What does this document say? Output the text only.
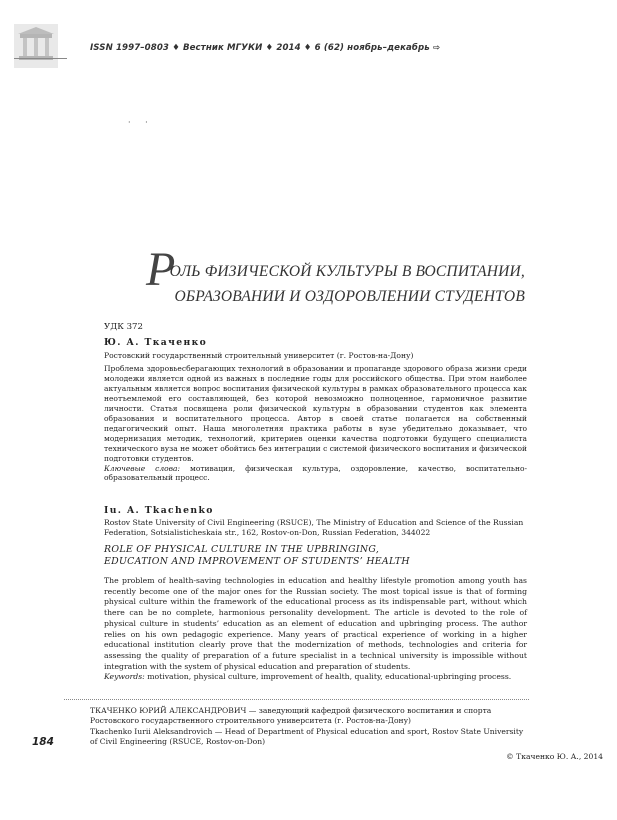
ISSN 1997–0803 ♦ Вестник МГУКИ ♦ 2014 ♦ 6 (62) ноябрь–декабрь ⇨
· ·
Р
ОЛЬ ФИЗИЧЕСКОЙ КУЛЬТУРЫ В ВОСПИТАНИИ,
ОБРАЗОВАНИИ И ОЗДОРОВЛЕНИИ СТУДЕНТОВ

УДК 372

Ю. А. Ткаченко

Ростовский государственный строительный университет (г. Ростов-на-Дону)

Проблема здоровьесберагающих технологий в образовании и пропаганде здорового образа жизни среди молодежи является одной из важных в последние годы для российского общества. При этом наиболее актуальным является вопрос воспитания физической культуры в рамках образовательного процесса как неотъемлемой его составляющей, без которой невозможно полноценное, гармоничное развитие личности. Статья посвящена роли физической культуры в образовании студентов как элемента образования и воспитательного процесса. Автор в своей статье полагается на собственный педагогический опыт. Наша многолетняя практика работы в вузе убедительно доказывает, что модернизация методик, технологий, критериев оценки качества подготовки будущего специалиста технического вуза не может обойтись без интеграции с системой физического воспитания и физической подготовки студентов.

Ключевые слова: мотивация, физическая культура, оздоровление, качество, воспитательно-образовательный процесс.

Iu. A. Tkachenko

Rostov State University of Civil Engineering (RSUCE), The Ministry of Education and Science of the Russian Federation, Sotsialisticheskaia str., 162, Rostov-on-Don, Russian Federation, 344022

ROLE OF PHYSICAL CULTURE IN THE UPBRINGING,
EDUCATION AND IMPROVEMENT OF STUDENTS’ HEALTH

The problem of health-saving technologies in education and healthy lifestyle promotion among youth has recently become one of the major ones for the Russian society. The most topical issue is that of forming physical culture within the framework of the educational process as its indispensable part, without which there can be no complete, harmonious personality development. The article is devoted to the role of physical culture in students’ education as an element of education and upbringing process. The author relies on his own pedagogic experience. Many years of practical experience of working in a higher educational institution clearly prove that the modernization of methods, technologies and criteria for assessing the quality of preparation of a future specialist in a technical university is impossible without integration with the system of physical education and preparation of students.

Keywords: motivation, physical culture, improvement of health, quality, educational-upbringing process.

ТКАЧЕНКО ЮРИЙ АЛЕКСАНДРОВИЧ — заведующий кафедрой физического воспитания и спорта Ростовского государственного строительного университета (г. Ростов-на-Дону)

Tkachenko Iurii Aleksandrovich — Head of Department of Physical education and sport, Rostov State University of Civil Engineering (RSUCE, Rostov-on-Don)

© Ткаченко Ю. А., 2014
184
